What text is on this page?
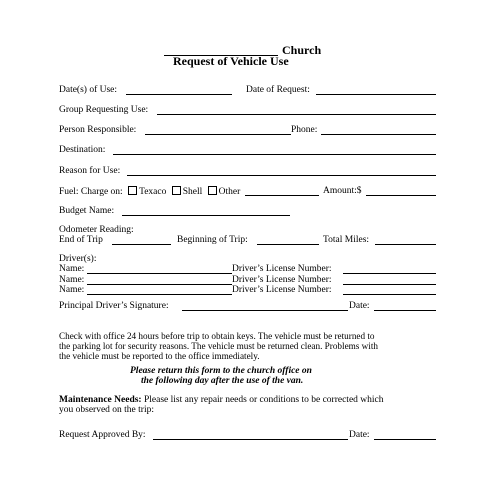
Church
Request of Vehicle Use
Date(s) of Use:	Date of Request:
Group Requesting Use:
Person Responsible:	Phone:
Destination:
Reason for Use:
Fuel: Charge on: Texaco Shell Other	Amount:$
Budget Name:
Odometer Reading:
End of Trip	Beginning of Trip:	Total Miles:
Driver(s):
Name:	Driver’s License Number:
Name:	Driver’s License Number:
Name:	Driver’s License Number:
Principal Driver’s Signature:	Date:
Check with office 24 hours before trip to obtain keys. The vehicle must be returned to
the parking lot for security reasons. The vehicle must be returned clean. Problems with
the vehicle must be reported to the office immediately.
Please return this form to the church office on
the following day after the use of the van.
Maintenance Needs: Please list any repair needs or conditions to be corrected which
you observed on the trip:
Request Approved By:	Date:
